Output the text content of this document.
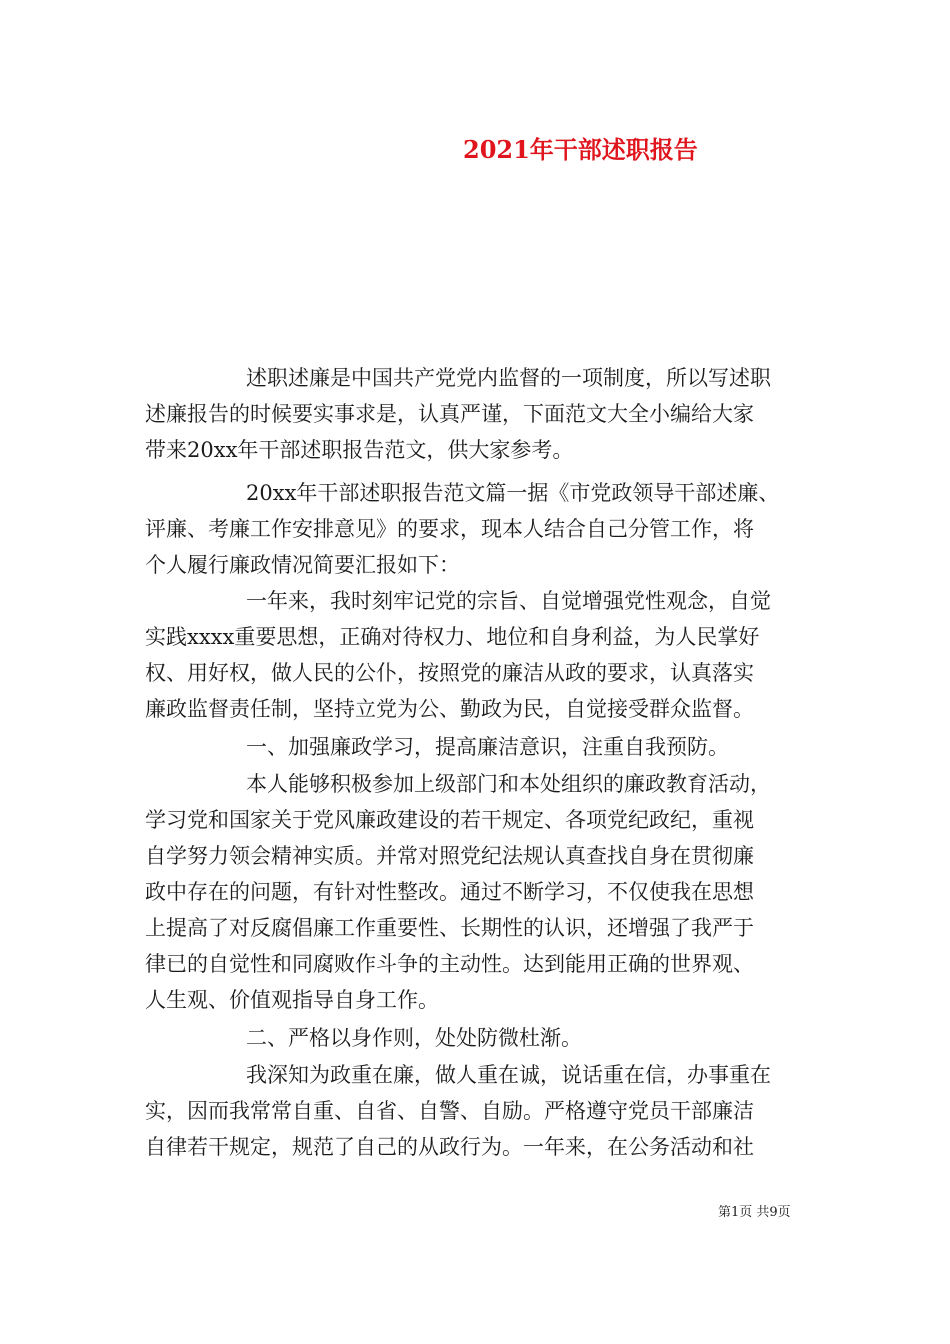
2021年干部述职报告

述职述廉是中国共产党党内监督的一项制度，所以写述职

述廉报告的时候要实事求是，认真严谨，下面范文大全小编给大家

带来20xx年干部述职报告范文，供大家参考。

20xx年干部述职报告范文篇一据《市党政领导干部述廉、

评廉、考廉工作安排意见》的要求，现本人结合自己分管工作，将

个人履行廉政情况简要汇报如下：

一年来，我时刻牢记党的宗旨、自觉增强党性观念，自觉

实践xxxx重要思想，正确对待权力、地位和自身利益，为人民掌好

权、用好权，做人民的公仆，按照党的廉洁从政的要求，认真落实

廉政监督责任制，坚持立党为公、勤政为民，自觉接受群众监督。

一、加强廉政学习，提高廉洁意识，注重自我预防。

本人能够积极参加上级部门和本处组织的廉政教育活动，

学习党和国家关于党风廉政建设的若干规定、各项党纪政纪，重视

自学努力领会精神实质。并常对照党纪法规认真查找自身在贯彻廉

政中存在的问题，有针对性整改。通过不断学习，不仅使我在思想

上提高了对反腐倡廉工作重要性、长期性的认识，还增强了我严于

律已的自觉性和同腐败作斗争的主动性。达到能用正确的世界观、

人生观、价值观指导自身工作。

二、严格以身作则，处处防微杜渐。

我深知为政重在廉，做人重在诚，说话重在信，办事重在

实，因而我常常自重、自省、自警、自励。严格遵守党员干部廉洁

自律若干规定，规范了自己的从政行为。一年来，在公务活动和社

第1页 共9页
